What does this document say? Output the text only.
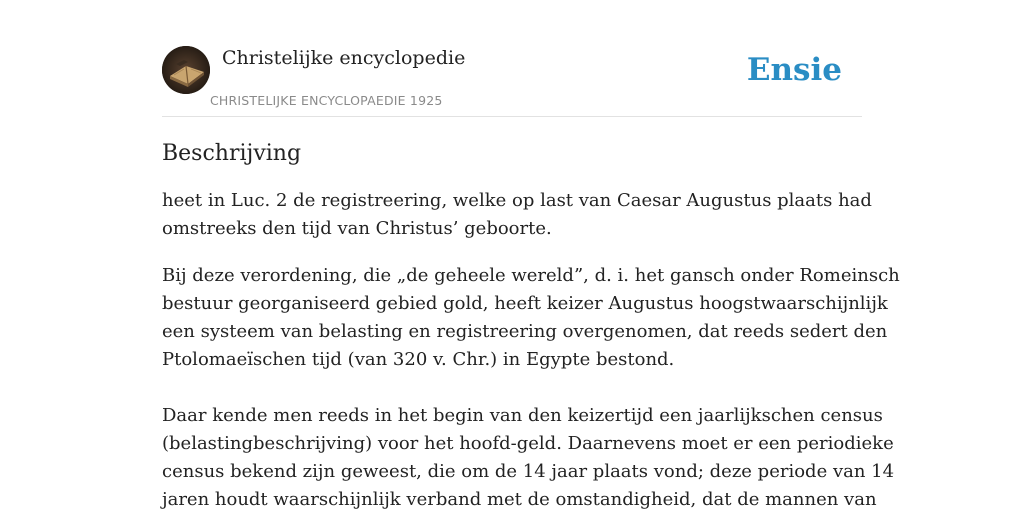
Christelijke encyclopedie
CHRISTELIJKE ENCYCLOPAEDIE 1925
Ensie
Beschrijving

heet in Luc. 2 de registreering, welke op last van Caesar Augustus plaats had
omstreeks den tijd van Christus’ geboorte.

Bij deze verordening, die „de geheele wereld”, d. i. het gansch onder Romeinsch
bestuur georganiseerd gebied gold, heeft keizer Augustus hoogstwaarschijnlijk
een systeem van belasting en registreering overgenomen, dat reeds sedert den
Ptolomaeïschen tijd (van 320 v. Chr.) in Egypte bestond.

Daar kende men reeds in het begin van den keizertijd een jaarlijkschen census
(belastingbeschrijving) voor het hoofd-geld. Daarnevens moet er een periodieke
census bekend zijn geweest, die om de 14 jaar plaats vond; deze periode van 14
jaren houdt waarschijnlijk verband met de omstandigheid, dat de mannen van
